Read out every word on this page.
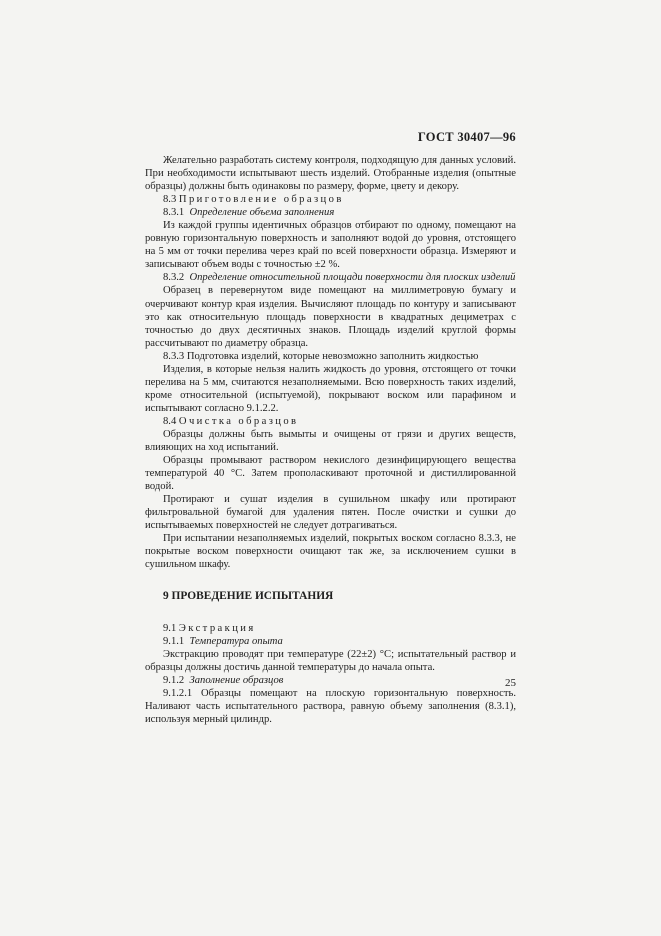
ГОСТ 30407—96

Желательно разработать систему контроля, подходящую для данных условий. При необходимости испытывают шесть изделий. Отобранные изделия (опытные образцы) должны быть одинаковы по размеру, форме, цвету и декору.

8.3 Приготовление образцов

8.3.1 Определение объема заполнения

Из каждой группы идентичных образцов отбирают по одному, помещают на ровную горизонтальную поверхность и заполняют водой до уровня, отстоящего на 5 мм от точки перелива через край по всей поверхности образца. Измеряют и записывают объем воды с точностью ±2 %.

8.3.2 Определение относительной площади поверхности для плоских изделий

Образец в перевернутом виде помещают на миллиметровую бумагу и очерчивают контур края изделия. Вычисляют площадь по контуру и записывают это как относительную площадь поверхности в квадратных дециметрах с точностью до двух десятичных знаков. Площадь изделий круглой формы рассчитывают по диаметру образца.

8.3.3 Подготовка изделий, которые невозможно заполнить жидкостью

Изделия, в которые нельзя налить жидкость до уровня, отстоящего от точки перелива на 5 мм, считаются незаполняемыми. Всю поверхность таких изделий, кроме относительной (испытуемой), покрывают воском или парафином и испытывают согласно 9.1.2.2.

8.4 Очистка образцов

Образцы должны быть вымыты и очищены от грязи и других веществ, влияющих на ход испытаний.

Образцы промывают раствором некислого дезинфицирующего вещества температурой 40 °С. Затем прополаскивают проточной и дистиллированной водой.

Протирают и сушат изделия в сушильном шкафу или протирают фильтровальной бумагой для удаления пятен. После очистки и сушки до испытываемых поверхностей не следует дотрагиваться.

При испытании незаполняемых изделий, покрытых воском согласно 8.3.3, не покрытые воском поверхности очищают так же, за исключением сушки в сушильном шкафу.

9 ПРОВЕДЕНИЕ ИСПЫТАНИЯ

9.1 Экстракция

9.1.1 Температура опыта

Экстракцию проводят при температуре (22±2) °С; испытательный раствор и образцы должны достичь данной температуры до начала опыта.

9.1.2 Заполнение образцов

9.1.2.1 Образцы помещают на плоскую горизонтальную поверхность. Наливают часть испытательного раствора, равную объему заполнения (8.3.1), используя мерный цилиндр.

25
